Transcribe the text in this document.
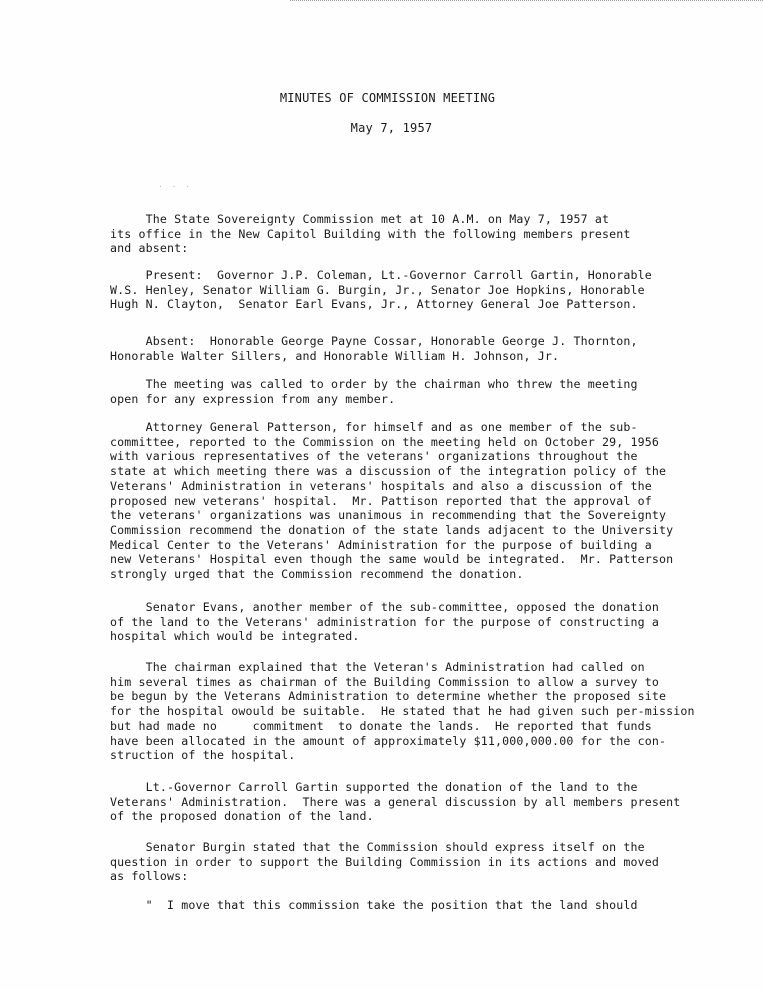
MINUTES OF COMMISSION MEETING
May 7, 1957
. . .
The State Sovereignty Commission met at 10 A.M. on May 7, 1957 at
its office in the New Capitol Building with the following members present
and absent:
Present:  Governor J.P. Coleman, Lt.-Governor Carroll Gartin, Honorable
W.S. Henley, Senator William G. Burgin, Jr., Senator Joe Hopkins, Honorable
Hugh N. Clayton,  Senator Earl Evans, Jr., Attorney General Joe Patterson.
Absent:  Honorable George Payne Cossar, Honorable George J. Thornton,
Honorable Walter Sillers, and Honorable William H. Johnson, Jr.
The meeting was called to order by the chairman who threw the meeting
open for any expression from any member.
Attorney General Patterson, for himself and as one member of the sub-
committee, reported to the Commission on the meeting held on October 29, 1956
with various representatives of the veterans' organizations throughout the
state at which meeting there was a discussion of the integration policy of the
Veterans' Administration in veterans' hospitals and also a discussion of the
proposed new veterans' hospital.  Mr. Pattison reported that the approval of
the veterans' organizations was unanimous in recommending that the Sovereignty
Commission recommend the donation of the state lands adjacent to the University
Medical Center to the Veterans' Administration for the purpose of building a
new Veterans' Hospital even though the same would be integrated.  Mr. Patterson
strongly urged that the Commission recommend the donation.
Senator Evans, another member of the sub-committee, opposed the donation
of the land to the Veterans' administration for the purpose of constructing a
hospital which would be integrated.
The chairman explained that the Veteran's Administration had called on
him several times as chairman of the Building Commission to allow a survey to
be begun by the Veterans Administration to determine whether the proposed site
for the hospital owould be suitable.  He stated that he had given such per-mission
but had made no     commitment  to donate the lands.  He reported that funds
have been allocated in the amount of approximately $11,000,000.00 for the con-
struction of the hospital.
Lt.-Governor Carroll Gartin supported the donation of the land to the
Veterans' Administration.  There was a general discussion by all members present
of the proposed donation of the land.
Senator Burgin stated that the Commission should express itself on the
question in order to support the Building Commission in its actions and moved
as follows:
"  I move that this commission take the position that the land should
